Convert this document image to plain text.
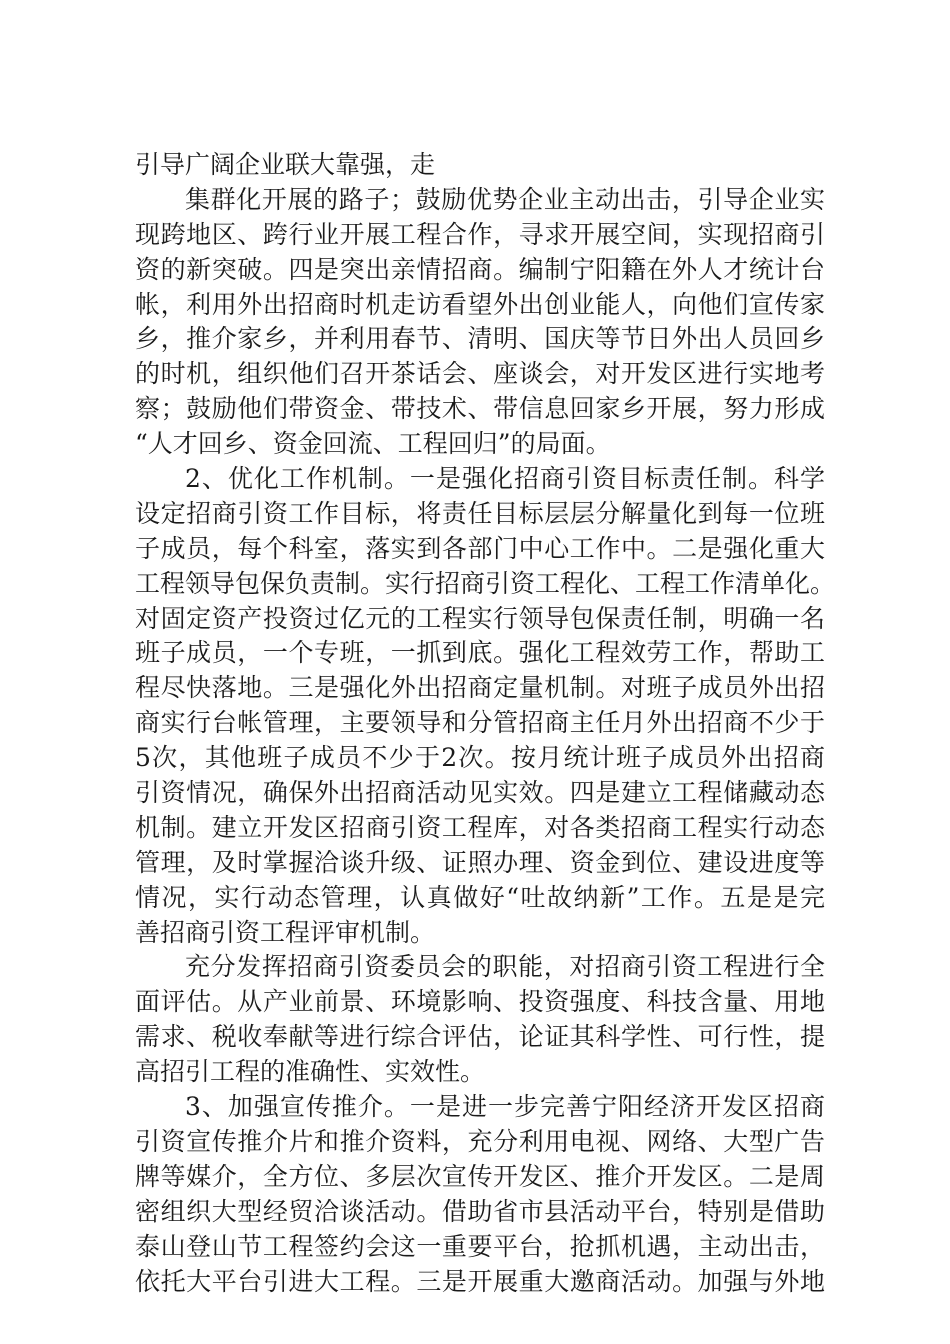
引导广阔企业联大靠强，走
集群化开展的路子；鼓励优势企业主动出击，引导企业实
现跨地区、跨行业开展工程合作，寻求开展空间，实现招商引
资的新突破。四是突出亲情招商。编制宁阳籍在外人才统计台
帐，利用外出招商时机走访看望外出创业能人，向他们宣传家
乡，推介家乡，并利用春节、清明、国庆等节日外出人员回乡
的时机，组织他们召开茶话会、座谈会，对开发区进行实地考
察；鼓励他们带资金、带技术、带信息回家乡开展，努力形成
“人才回乡、资金回流、工程回归”的局面。
2、优化工作机制。一是强化招商引资目标责任制。科学
设定招商引资工作目标，将责任目标层层分解量化到每一位班
子成员，每个科室，落实到各部门中心工作中。二是强化重大
工程领导包保负责制。实行招商引资工程化、工程工作清单化。
对固定资产投资过亿元的工程实行领导包保责任制，明确一名
班子成员，一个专班，一抓到底。强化工程效劳工作，帮助工
程尽快落地。三是强化外出招商定量机制。对班子成员外出招
商实行台帐管理，主要领导和分管招商主任月外出招商不少于
5次，其他班子成员不少于2次。按月统计班子成员外出招商
引资情况，确保外出招商活动见实效。四是建立工程储藏动态
机制。建立开发区招商引资工程库，对各类招商工程实行动态
管理，及时掌握洽谈升级、证照办理、资金到位、建设进度等
情况，实行动态管理，认真做好“吐故纳新”工作。五是是完
善招商引资工程评审机制。
充分发挥招商引资委员会的职能，对招商引资工程进行全
面评估。从产业前景、环境影响、投资强度、科技含量、用地
需求、税收奉献等进行综合评估，论证其科学性、可行性，提
高招引工程的准确性、实效性。
3、加强宣传推介。一是进一步完善宁阳经济开发区招商
引资宣传推介片和推介资料，充分利用电视、网络、大型广告
牌等媒介，全方位、多层次宣传开发区、推介开发区。二是周
密组织大型经贸洽谈活动。借助省市县活动平台，特别是借助
泰山登山节工程签约会这一重要平台，抢抓机遇，主动出击，
依托大平台引进大工程。三是开展重大邀商活动。加强与外地
